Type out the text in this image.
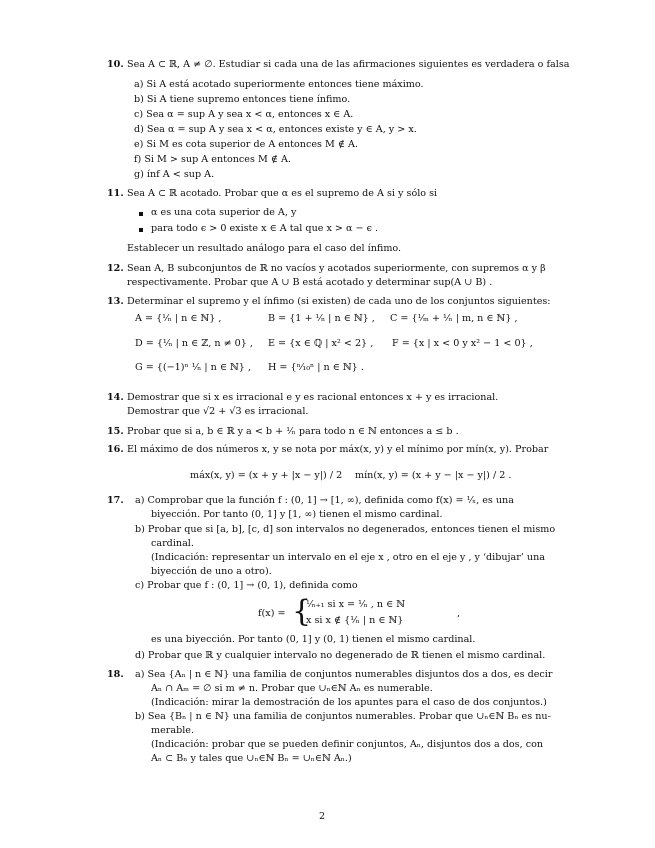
10. Sea A ⊂ ℝ, A ≠ ∅. Estudiar si cada una de las afirmaciones siguientes es verdadera o falsa
a) Si A está acotado superiormente entonces tiene máximo.
b) Si A tiene supremo entonces tiene ínfimo.
c) Sea α = sup A y sea x < α, entonces x ∈ A.
d) Sea α = sup A y sea x < α, entonces existe y ∈ A, y > x.
e) Si M es cota superior de A entonces M ∉ A.
f) Si M > sup A entonces M ∉ A.
g) ínf A < sup A.
11. Sea A ⊂ ℝ acotado. Probar que α es el supremo de A si y sólo si
α es una cota superior de A, y
para todo ϵ > 0 existe x ∈ A tal que x > α − ϵ .
Establecer un resultado análogo para el caso del ínfimo.
12. Sean A, B subconjuntos de ℝ no vacíos y acotados superiormente, con supremos α y β
respectivamente. Probar que A ∪ B está acotado y determinar sup(A ∪ B) .
13. Determinar el supremo y el ínfimo (si existen) de cada uno de los conjuntos siguientes:
A = {¹⁄ₙ | n ∈ ℕ} ,	B = {1 + ¹⁄ₙ | n ∈ ℕ} , C = {¹⁄ₘ + ¹⁄ₙ | m, n ∈ ℕ} ,
D = {¹⁄ₙ | n ∈ ℤ, n ≠ 0} , E = {x ∈ ℚ | x² < 2} , F = {x | x < 0 y x² − 1 < 0} ,
G = {(−1)ⁿ ¹⁄ₙ | n ∈ ℕ} , H = {ⁿ⁄₁₀ⁿ | n ∈ ℕ} .
14. Demostrar que si x es irracional e y es racional entonces x + y es irracional.
Demostrar que √2 + √3 es irracional.
15. Probar que si a, b ∈ ℝ y a < b + ¹⁄ₙ para todo n ∈ ℕ entonces a ≤ b .
16. El máximo de dos números x, y se nota por máx(x, y) y el mínimo por mín(x, y). Probar
máx(x, y) = (x + y + |x − y|) / 2 mín(x, y) = (x + y − |x − y|) / 2 .
17. a) Comprobar que la función f : (0, 1] → [1, ∞), definida como f(x) = ¹⁄ₓ, es una
biyección. Por tanto (0, 1] y [1, ∞) tienen el mismo cardinal.
b) Probar que si [a, b], [c, d] son intervalos no degenerados, entonces tienen el mismo
cardinal.
(Indicación: representar un intervalo en el eje x , otro en el eje y , y ‘dibujar’ una
biyección de uno a otro).
c) Probar que f : (0, 1] → (0, 1), definida como
f(x) = {
¹⁄ₙ₊₁ si x = ¹⁄ₙ , n ∈ ℕ
x si x ∉ {¹⁄ₙ | n ∈ ℕ}
,
es una biyección. Por tanto (0, 1] y (0, 1) tienen el mismo cardinal.
d) Probar que ℝ y cualquier intervalo no degenerado de ℝ tienen el mismo cardinal.
18. a) Sea {Aₙ | n ∈ ℕ} una familia de conjuntos numerables disjuntos dos a dos, es decir
Aₙ ∩ Aₘ = ∅ si m ≠ n. Probar que ∪ₙ∈ℕ Aₙ es numerable.
(Indicación: mirar la demostración de los apuntes para el caso de dos conjuntos.)
b) Sea {Bₙ | n ∈ ℕ} una familia de conjuntos numerables. Probar que ∪ₙ∈ℕ Bₙ es nu-
merable.
(Indicación: probar que se pueden definir conjuntos, Aₙ, disjuntos dos a dos, con
Aₙ ⊂ Bₙ y tales que ∪ₙ∈ℕ Bₙ = ∪ₙ∈ℕ Aₙ.)
2
